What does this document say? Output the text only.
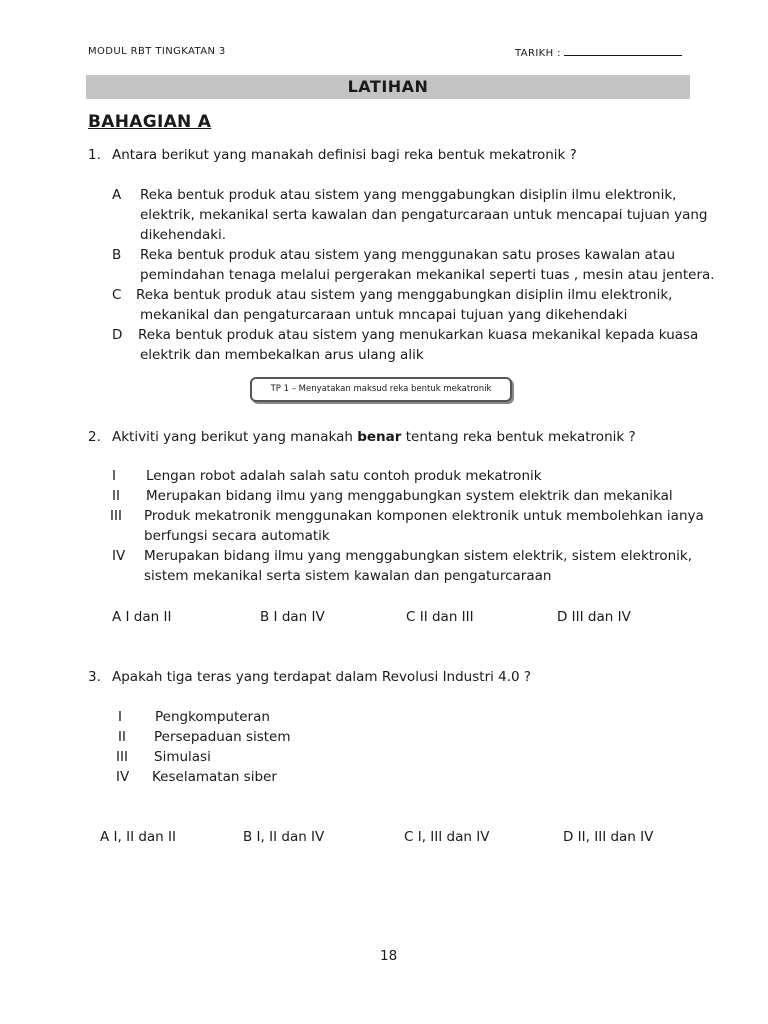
MODUL RBT TINGKATAN 3	TARIKH :
LATIHAN
BAHAGIAN A
1. Antara berikut yang manakah definisi bagi reka bentuk mekatronik ?
A Reka bentuk produk atau sistem yang menggabungkan disiplin ilmu elektronik,
elektrik, mekanikal serta kawalan dan pengaturcaraan untuk mencapai tujuan yang
dikehendaki.
B Reka bentuk produk atau sistem yang menggunakan satu proses kawalan atau
pemindahan tenaga melalui pergerakan mekanikal seperti tuas , mesin atau jentera.
C Reka bentuk produk atau sistem yang menggabungkan disiplin ilmu elektronik,
mekanikal dan pengaturcaraan untuk mncapai tujuan yang dikehendaki
D Reka bentuk produk atau sistem yang menukarkan kuasa mekanikal kepada kuasa
elektrik dan membekalkan arus ulang alik
TP 1 – Menyatakan maksud reka bentuk mekatronik
2. Aktiviti yang berikut yang manakah benar tentang reka bentuk mekatronik ?
I Lengan robot adalah salah satu contoh produk mekatronik
II Merupakan bidang ilmu yang menggabungkan system elektrik dan mekanikal
III Produk mekatronik menggunakan komponen elektronik untuk membolehkan ianya
berfungsi secara automatik
IV Merupakan bidang ilmu yang menggabungkan sistem elektrik, sistem elektronik,
sistem mekanikal serta sistem kawalan dan pengaturcaraan
A I dan II	B I dan IV	C II dan III	D III dan IV
3. Apakah tiga teras yang terdapat dalam Revolusi Industri 4.0 ?
I Pengkomputeran
II Persepaduan sistem
III Simulasi
IV Keselamatan siber
A I, II dan II	B I, II dan IV	C I, III dan IV	D II, III dan IV
18
